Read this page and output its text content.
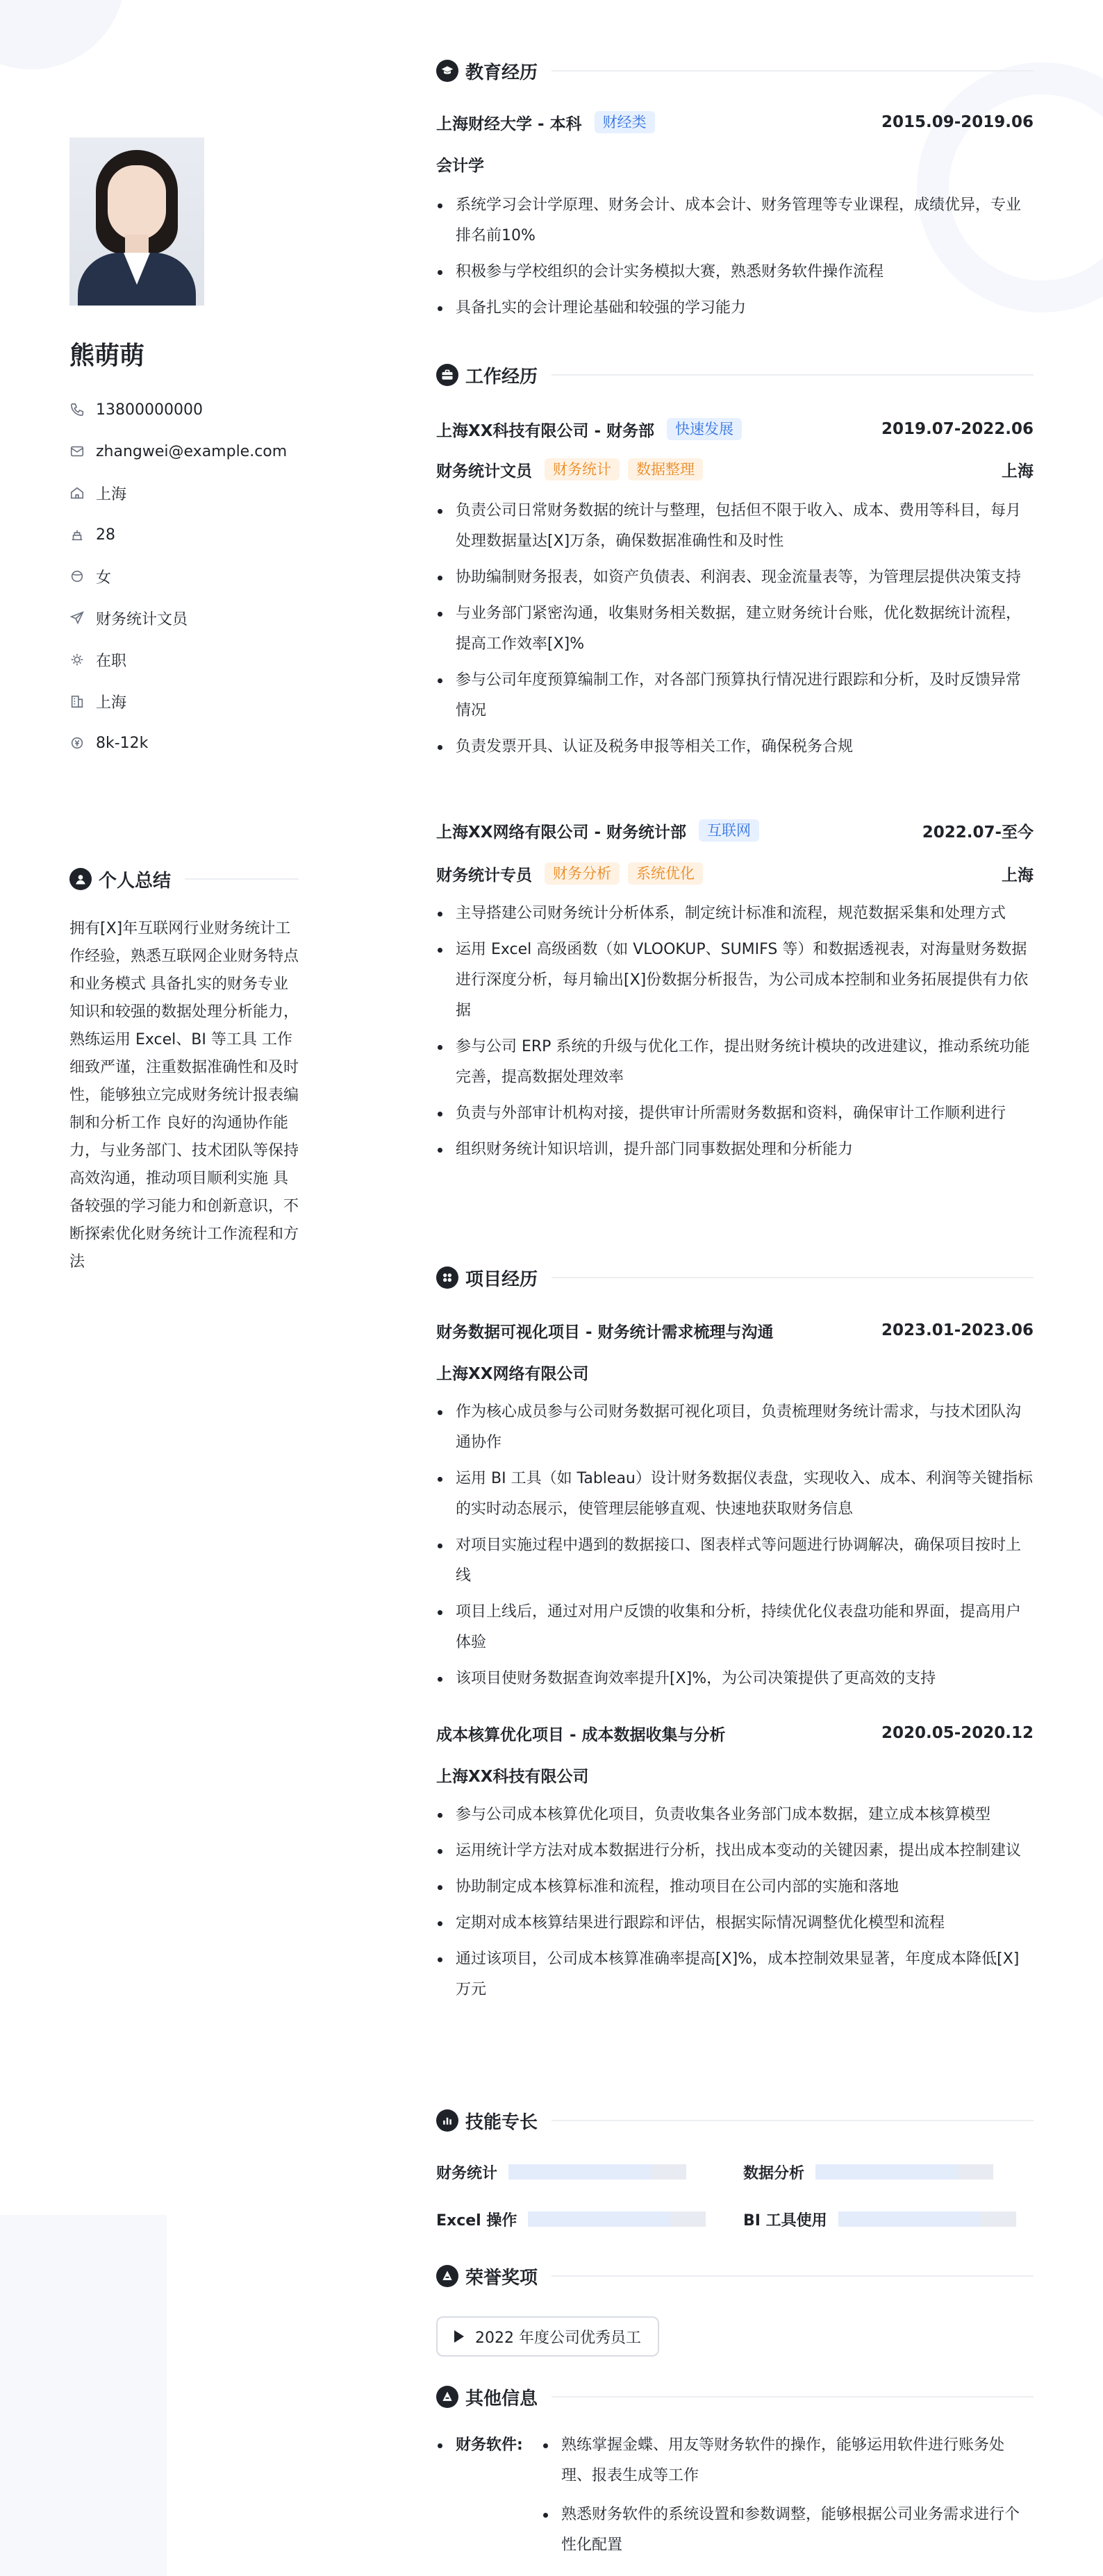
熊萌萌
13800000000
zhangwei@example.com
上海
28
女
财务统计文员
在职
上海
8k-12k
个人总结

拥有[X]年互联网行业财务统计工作经验，熟悉互联网企业财务特点和业务模式 具备扎实的财务专业知识和较强的数据处理分析能力，熟练运用 Excel、BI 等工具 工作细致严谨，注重数据准确性和及时性，能够独立完成财务统计报表编制和分析工作 良好的沟通协作能力，与业务部门、技术团队等保持高效沟通，推动项目顺利实施 具备较强的学习能力和创新意识，不断探索优化财务统计工作流程和方法

教育经历
上海财经大学 - 本科	财经类	2015.09-2019.06
会计学
系统学习会计学原理、财务会计、成本会计、财务管理等专业课程，成绩优异，专业排名前10%
积极参与学校组织的会计实务模拟大赛，熟悉财务软件操作流程
具备扎实的会计理论基础和较强的学习能力
工作经历
上海XX科技有限公司 - 财务部	快速发展	2019.07-2022.06
财务统计文员	财务统计	数据整理	上海
负责公司日常财务数据的统计与整理，包括但不限于收入、成本、费用等科目，每月处理数据量达[X]万条，确保数据准确性和及时性
协助编制财务报表，如资产负债表、利润表、现金流量表等，为管理层提供决策支持
与业务部门紧密沟通，收集财务相关数据，建立财务统计台账，优化数据统计流程，提高工作效率[X]%
参与公司年度预算编制工作，对各部门预算执行情况进行跟踪和分析，及时反馈异常情况
负责发票开具、认证及税务申报等相关工作，确保税务合规
上海XX网络有限公司 - 财务统计部	互联网	2022.07-至今
财务统计专员	财务分析	系统优化	上海
主导搭建公司财务统计分析体系，制定统计标准和流程，规范数据采集和处理方式
运用 Excel 高级函数（如 VLOOKUP、SUMIFS 等）和数据透视表，对海量财务数据进行深度分析，每月输出[X]份数据分析报告，为公司成本控制和业务拓展提供有力依据
参与公司 ERP 系统的升级与优化工作，提出财务统计模块的改进建议，推动系统功能完善，提高数据处理效率
负责与外部审计机构对接，提供审计所需财务数据和资料，确保审计工作顺利进行
组织财务统计知识培训，提升部门同事数据处理和分析能力
项目经历
财务数据可视化项目 - 财务统计需求梳理与沟通	2023.01-2023.06
上海XX网络有限公司
作为核心成员参与公司财务数据可视化项目，负责梳理财务统计需求，与技术团队沟通协作
运用 BI 工具（如 Tableau）设计财务数据仪表盘，实现收入、成本、利润等关键指标的实时动态展示，使管理层能够直观、快速地获取财务信息
对项目实施过程中遇到的数据接口、图表样式等问题进行协调解决，确保项目按时上线
项目上线后，通过对用户反馈的收集和分析，持续优化仪表盘功能和界面，提高用户体验
该项目使财务数据查询效率提升[X]%，为公司决策提供了更高效的支持
成本核算优化项目 - 成本数据收集与分析	2020.05-2020.12
上海XX科技有限公司
参与公司成本核算优化项目，负责收集各业务部门成本数据，建立成本核算模型
运用统计学方法对成本数据进行分析，找出成本变动的关键因素，提出成本控制建议
协助制定成本核算标准和流程，推动项目在公司内部的实施和落地
定期对成本核算结果进行跟踪和评估，根据实际情况调整优化模型和流程
通过该项目，公司成本核算准确率提高[X]%，成本控制效果显著，年度成本降低[X]万元
技能专长
财务统计	数据分析
Excel 操作	BI 工具使用
荣誉奖项
2022 年度公司优秀员工
其他信息
财务软件:	熟练掌握金蝶、用友等财务软件的操作，能够运用软件进行账务处理、报表生成等工作
熟悉财务软件的系统设置和参数调整，能够根据公司业务需求进行个性化配置
